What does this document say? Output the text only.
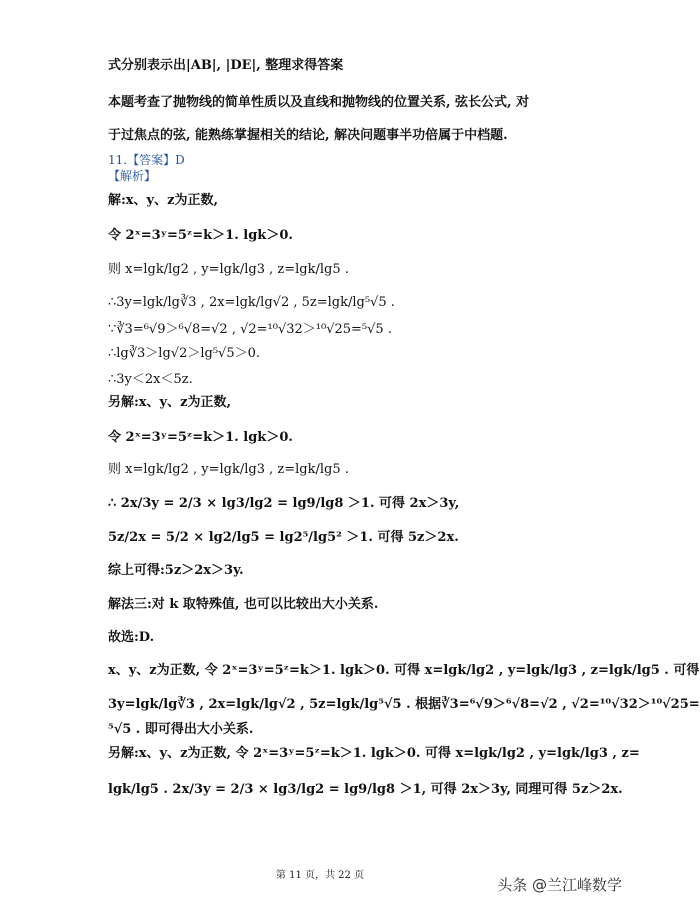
式分别表示出|AB|, |DE|, 整理求得答案
本题考查了抛物线的简单性质以及直线和抛物线的位置关系, 弦长公式, 对
于过焦点的弦, 能熟练掌握相关的结论, 解决问题事半功倍属于中档题.
11.【答案】D
【解析】
解:x、y、z为正数,
令 2ˣ=3ʸ=5ᶻ=k＞1. lgk＞0.
则 x=lgk/lg2 , y=lgk/lg3 , z=lgk/lg5 .
∴3y=lgk/lg∛3 , 2x=lgk/lg√2 , 5z=lgk/lg⁵√5 .
∵∛3=⁶√9＞⁶√8=√2 , √2=¹⁰√32＞¹⁰√25=⁵√5 .
∴lg∛3＞lg√2＞lg⁵√5＞0.
∴3y＜2x＜5z.
另解:x、y、z为正数,
令 2ˣ=3ʸ=5ᶻ=k＞1. lgk＞0.
则 x=lgk/lg2 , y=lgk/lg3 , z=lgk/lg5 .
∴ 2x/3y = 2/3 × lg3/lg2 = lg9/lg8 ＞1. 可得 2x＞3y,
5z/2x = 5/2 × lg2/lg5 = lg2⁵/lg5² ＞1. 可得 5z＞2x.
综上可得:5z＞2x＞3y.
解法三:对 k 取特殊值, 也可以比较出大小关系.
故选:D.
x、y、z为正数, 令 2ˣ=3ʸ=5ᶻ=k＞1. lgk＞0. 可得 x=lgk/lg2 , y=lgk/lg3 , z=lgk/lg5 . 可得
3y=lgk/lg∛3 , 2x=lgk/lg√2 , 5z=lgk/lg⁵√5 . 根据∛3=⁶√9＞⁶√8=√2 , √2=¹⁰√32＞¹⁰√25=
⁵√5 . 即可得出大小关系.
另解:x、y、z为正数, 令 2ˣ=3ʸ=5ᶻ=k＞1. lgk＞0. 可得 x=lgk/lg2 , y=lgk/lg3 , z=
lgk/lg5 . 2x/3y = 2/3 × lg3/lg2 = lg9/lg8 ＞1, 可得 2x＞3y, 同理可得 5z＞2x.
第 11 页，共 22 页
头条 @兰江峰数学
